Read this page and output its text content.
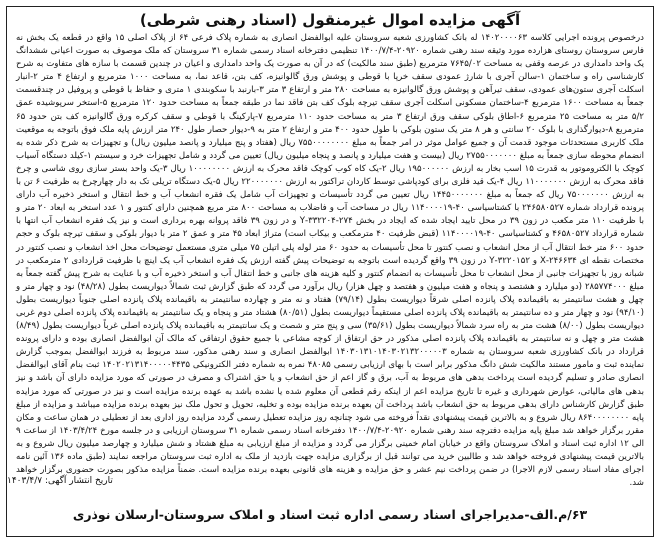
آگهی مزایده اموال غیرمنقول (اسناد رهنی شرطی)
درخصوص پرونده اجرایی کلاسه ۱۴۰۲۰۰۰۰۶۳ له بانک کشاورزی شعبه سروستان علیه ابوالفضل انصاری به شماره پلاک فرعی ۶۴ از پلاک اصلی ۱۵ واقع در قطعه یک بخش نه فارس سروستان روستای هزارده مورد وثیقه سند رهنی شماره ۲۰۹۲۰-۱۴۰۰/۷/۴ تنظیمی دفترخانه اسناد رسمی شماره ۳۱ سروستان که ملک موصوف به صورت اعیانی ششدانگ یک واحد دامداری در عرصه وقفی به مساحت ۷۶۴۵/۰۲ مترمربع (طبق سند مالکیت) که در آن به صورت یک واحد دامداری و اعیان در چندین قسمت با سازه های متفاوت به شرح کارشناسی راه و ساختمان ۱-سالن آجری با شارژ عمودی سقف خرپا با قوطی و پوشش ورق گالوانیزه، کف بتن، قاعد نما، به مساحت ۱۰۰۰ مترمربع و ارتفاع ۴ متر ۲-انبار اسکلت آجری ستون‌های عمودی، سقف تیرآهن و پوشش ورق گالوانیزه به مساحت ۲۸۰ متر و ارتفاع ۳ متر ۳-بارنبد با سکوبندی ۱ متری و حفاظ با قوطی و پروفیل در چندقسمت جمعاً به مساحت ۱۶۰۰ مترمربع ۴-ساختمان مسکونی اسکلت آجری سقف تیرچه بلوک کف بتن فاقد نما در طبقه جمعاً به مساحت حدود ۱۲۰ مترمربع ۵-استخر سرپوشیده عمق ۵/۲ متر به مساحت ۲۵ مترمربع ۶-اطاق بلوکی سقف ورق ارتفاع ۳ متر به مساحت حدود ۱۱۰ مترمربع ۷-پارکینگ با قوطی و سقف کرکره ورق گالوانیزه کف بتن حدود ۶۵ مترمربع ۸-دیوارگذاری با بلوک ۲۰ سانتی و هر ۸ متر یک ستون بلوکی با طول حدود ۴۰۰ متر و ارتفاع ۲ متر به ۹-دیوار حصار طول ۲۴۰ متر ارزش پایه ملک فوق باتوجه به موقعیت ملک کاربری مستحدثات موجود قدمت آن و جمیع عوامل موثر در امر جمعاً به مبلغ ۷۵۵۰۰۰۰۰۰۰۰ ریال (هفتاد و پنج میلیارد و پانصد میلیون ریال) و تجهیزات به شرح ذکر شده به انضمام محوطه سازی جمعاً به مبلغ ۲۷۵۵۰۰۰۰۰۰۰ ریال (بیست و هفت میلیارد و پانصد و پنجاه میلیون ریال) تعیین می گردد و شامل تجهیزات خرد و سیستم ۱-کیلد دستگاه آسیاب کوچک با الکتروموتور به قدرت ۱۵ اسب بخار به ارزش ۱۹۵۰۰۰۰۰۰ ریال ۲-یک کاه کوب کوچک فاقد محرک به ارزش ۱۰۰۰۰۰۰۰۰ ریال ۳-یک واحد بستر سازی روی شاسی و چرخ فاقد محرک به ارزش ۱۱۰۰۰۰۰۰۰ ریال ۴-یک قید فلزی برای کودپاشی توسط کاردان تراکتور به ارزش ۲۲۰۰۰۰۰۰۰ ریال ۵-یک دستگاه تریلی تک به دار چهارچرخ به ظرفیت ۶ تن با به ارزش ۷۵۰۰۰۰۰۰۰ ریال که جمعاً به مبلغ ۱۴۴۵۰۰۰۰۰۰۰ ریال تعیین می گردد تأسیسات و تجهیزات آب شامل یک فقره انشعاب آب و خط انتقال و استخر ذخیره آب دارای پرونده قرارداد شماره ۲۴۶۵۸۰۵۲۷ با کشتاسیاسی ۴۰-۱۱۴۰۰۰۰۱۹ ریال در مساحت آب و فاضلاب به مساحت ۸۰۰ متر مربع همچنین دارای کنتور و ۱ عدد استخر به ابعاد ۲۰ متر و با ظرفیت ۱۱۰ متر مکعب در زون ۳۹ در محل تایید ایجاد شده که ایجاد در بخش ۲۷۴-۳۳۲۲۰۴-Y و در زون ۳۹ فاقد پروانه بهره برداری است و نیز یک فقره انشعاب آب انتها با شماره قرارداد ۴۶۵۸۰۵۲۷ و کشتاسیاسی ۴۰-۱۱۴۰۰۰۰۱۹ (قبض ظرفیت ۴۰ مترمکعب و بیکاب است) متراژ ابعاد ۴۵ متر و عمق ۲ متر با دیوار بلوکی و سقف تیرچه بلوک و حجم حدود ۶۰۰ متر خط انتقال آب از محل انشعاب و نصب کنتور تا محل تأسیسات به حدود ۶۰ متر لوله پلی اتیلن ۷۵ میلی متری مستعمل توضیحات محل اخذ انشعاب و نصب کنتور در مختصات نقطه ای ۲۴۶۶۳۴-X و ۳۲۲۰۱۵۲-Y در زون ۳۹ واقع گردیده است باتوجه به توضیحات پیش گفته ارزش یک فقره انشعاب آب یک اینچ با ظرفیت قراردادی ۲ مترمکعب در شبانه روز با تجهیزات جانبی از محل انشعاب تا محل تأسیسات به انضمام کنتور و کلیه هزینه های جانبی و خط انتقال آب و استخر ذخیره آب و با عنایت به شرح پیش گفته جمعاً به مبلغ ۲۸۵۷۷۴۰۰۰ (دو میلیارد و هشتصد و پنجاه و هفت میلیون و هفتصد و چهل هزار) ریال برآورد می گردد که طبق گزارش ثبت شمالاً دیواریست بطول (۴۸/۲۸) نود و چهار متر و چهل و هشت سانتیمتر به باقیمانده پلاک پانزده اصلی شرقاً دیواریست بطول (۷۹/۱۴) هفتاد و نه متر و چهارده سانتیمتر به باقیمانده پلاک پانزده اصلی جنوباً دیواریست بطول (۹۴/۱۰) نود و چهار متر و ده سانتیمتر به باقیمانده پلاک پانزده اصلی مستقیماً دیواریست بطول (۸۰/۵۱) هشتاد متر و پنجاه و یک سانتیمتر به باقیمانده پلاک پانزده اصلی دوم غربی دیواریست بطول (۸/۰۰) هشت متر به راه سرد شمالاً دیواریست بطول (۳۵/۶۱) سی و پنج متر و شصت و یک سانتیمتر به باقیمانده پلاک پانزده اصلی غرباً دیواریست بطول (۸/۴۹) هشت متر و چهل و نه سانتیمتر به باقیمانده پلاک پانزده اصلی مذکور در حق ارتفاق از کوچه مشاعی با جمیع حقوق ارتفاقی که مالک آن ابوالفضل انصاری بوده و دارای پرونده قرارداد در بانک کشاورزی شعبه سروستان به شماره ۱۴۰۳۰۱۳۱۰۱۴۰۳۰۲۱۳۲۰۰۰۰۰۳ ابوالفضل انصاری و سند رهنی مذکور، سند مربوط به فرزند ابوالفضل بموجب گزارش نماینده ثبت و مامور مستند مالکیت شش دانگ مذکور برابر است با بهای ارزیابی رسمی ۴۸۰۸۵ نمره به شماره دفتر الکترونیکی ۱۴۰۲۰۲۱۳۱۴۰۰۰۰۰۴۴۳۵ ثبت بنام آقای ابوالفضل انصاری صادر و تسلیم گردیده است پرداخت بدهی های مربوط به آب، برق و گاز اعم از حق انشعاب و یا حق اشتراک و مصرف در صورتی که مورد مزایده دارای آن باشد و نیز بدهی های مالیاتی، عوارض شهرداری و غیره تا تاریخ مزایده اعم از اینکه رقم قطعی آن معلوم شده یا نشده باشد به عهده برنده مزایده است و نیز در صورتی که مورد مزایده طبق گزارش کارشناس دارای بدهی مربوط به حق انشعاب باشد پرداخت آن بعهده برنده مزایده بوده و تخلیه، تحویل و تحول ملک نیز بعهده برنده مزایده میباشد و مزایده از مبلغ پایه ۸۶۴۰۰۰۰۰۰۰۰ ریال شروع و به بالاترین قیمت پیشنهادی نقداً فروخته می شود چنانچه روز مزایده تعطیل رسمی گردد مزایده روز اداری بعد از تعطیلی در همان ساعت و مکان مقرر برگزار خواهد شد مبلغ پایه مزایده دفترچه سند رهنی شماره ۲۰۹۲۰-۱۴۰۰/۷/۴ دفترخانه اسناد رسمی شماره ۳۱ سروستان ارزیابی و در جلسه مورخ ۱۴۰۳/۴/۲۴ از ساعت ۹ الی ۱۲ اداره ثبت اسناد و املاک سروستان واقع در خیابان امام خمینی برگزار می گردد و مزایده از مبلغ ارزیابی به مبلغ هشتاد و شش میلیارد و چهارصد میلیون ریال شروع و به بالاترین قیمت پیشنهادی فروخته خواهد شد و طالبین خرید می توانند قبل از برگزاری مزایده جهت بازدید از ملک به اداره ثبت سروستان مراجعه نمایند (طبق ماده ۱۳۶ آئین نامه اجرای مفاد اسناد رسمی لازم الاجرا) در ضمن پرداخت نیم عشر و حق مزایده و هزینه های قانونی بعهده برنده مزایده است. ضمناً مزایده مذکور بصورت حضوری برگزار خواهد شد.
تاریخ انتشار آگهی: ۱۴۰۳/۴/۷
۶۳/م.الف-مدیراجرای اسناد رسمی اداره ثبت اسناد و املاک سروستان-ارسلان نوذری
